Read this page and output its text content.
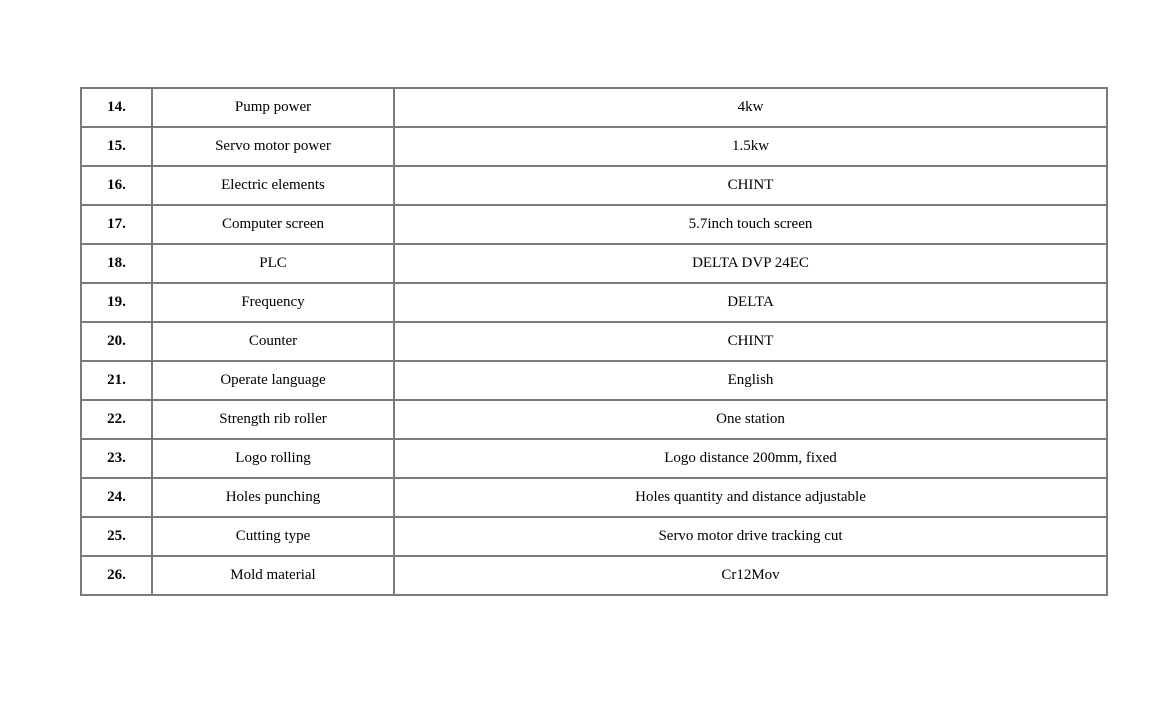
14.	Pump power	4kw
15.	Servo motor power	1.5kw
16.	Electric elements	CHINT
17.	Computer screen	5.7inch touch screen
18.	PLC	DELTA DVP 24EC
19.	Frequency	DELTA
20.	Counter	CHINT
21.	Operate language	English
22.	Strength rib roller	One station
23.	Logo rolling	Logo distance 200mm, fixed
24.	Holes punching	Holes quantity and distance adjustable
25.	Cutting type	Servo motor drive tracking cut
26.	Mold material	Cr12Mov
